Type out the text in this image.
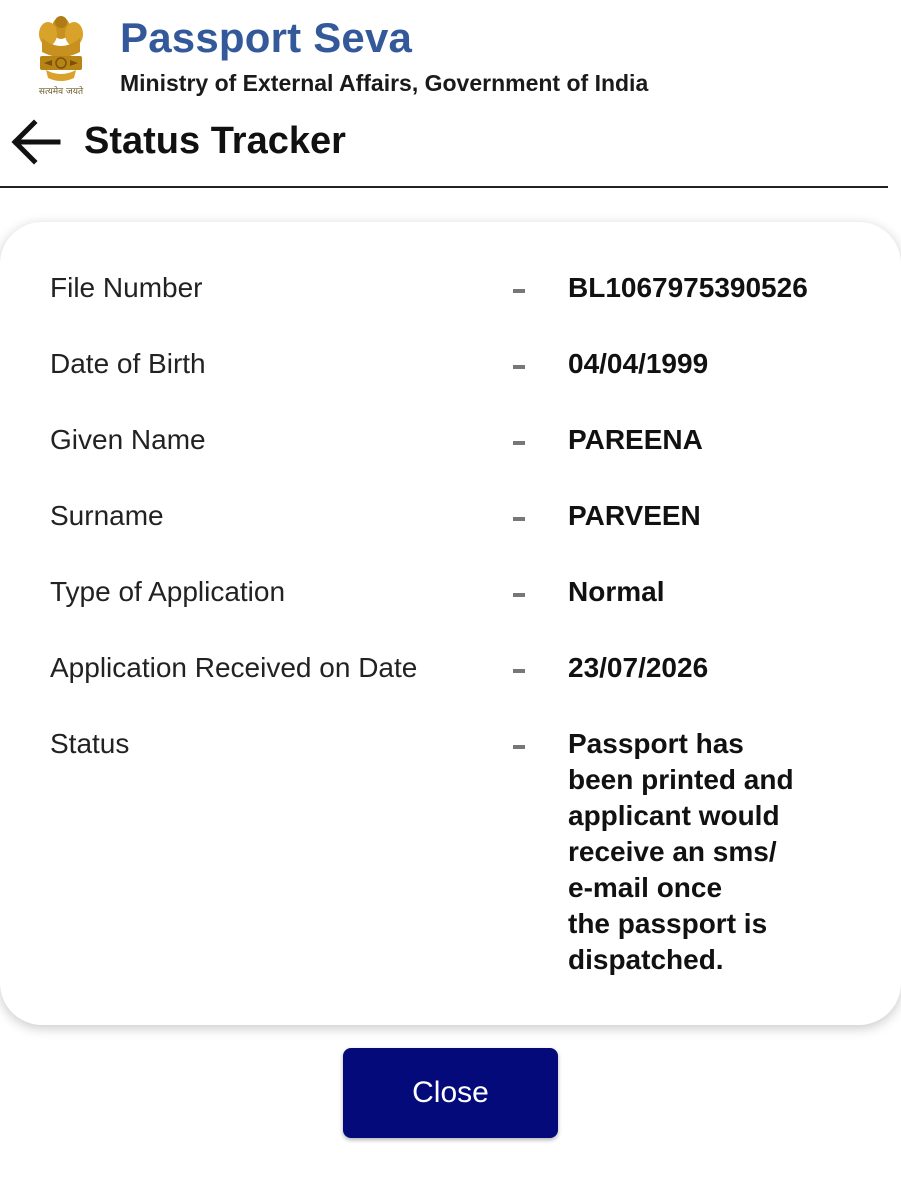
सत्यमेव जयते
Passport Seva
Ministry of External Affairs, Government of India
Status Tracker
File Number	BL1067975390526
Date of Birth	04/04/1999
Given Name	PAREENA
Surname	PARVEEN
Type of Application	Normal
Application Received on Date	23/07/2026
Status	Passport has
been printed and
applicant would
receive an sms/
e-mail once
the passport is
dispatched.
Close
